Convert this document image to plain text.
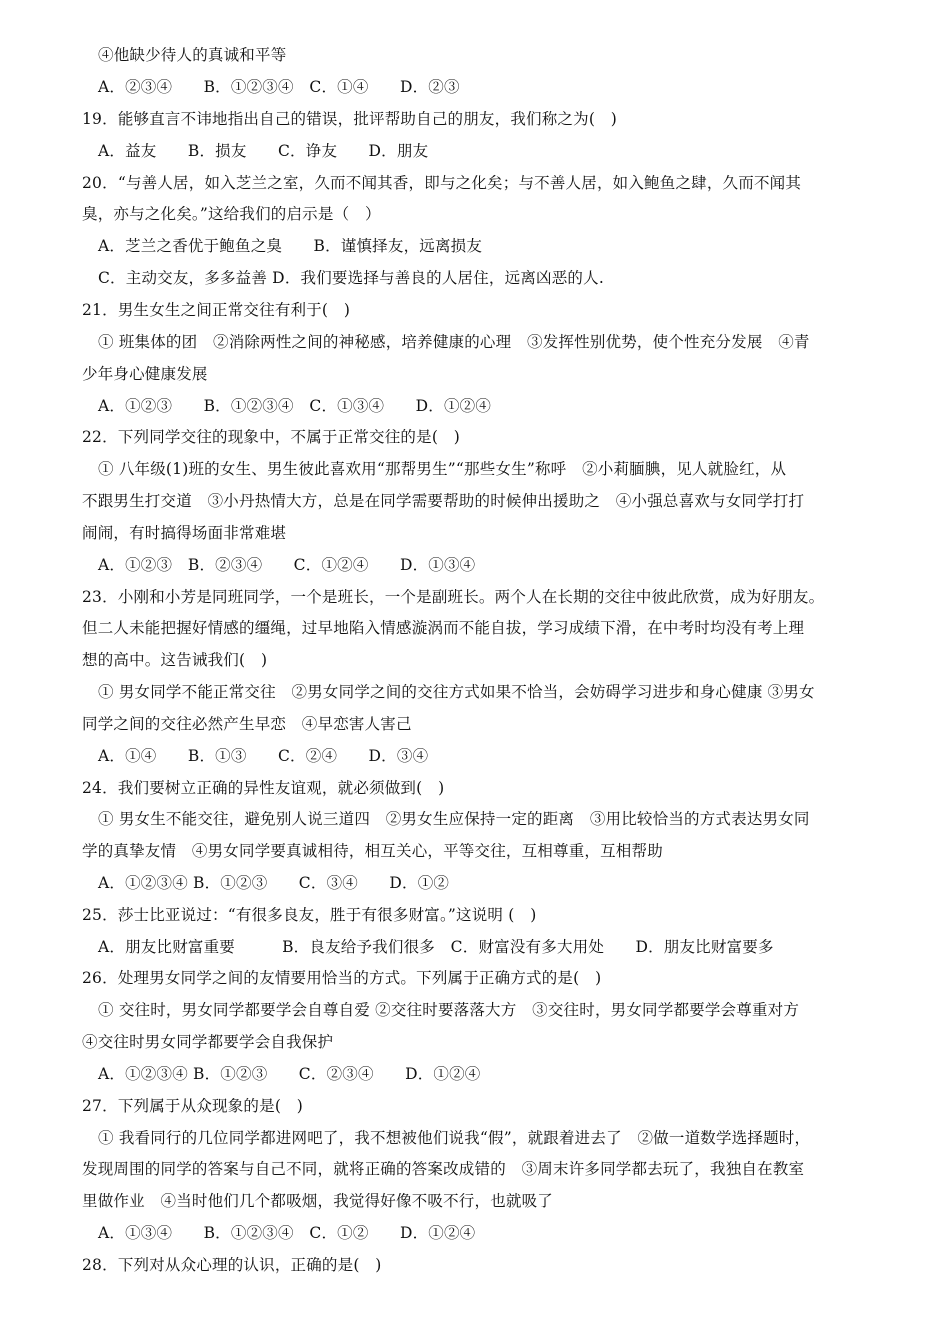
④他缺少待人的真诚和平等
A．②③④　　B．①②③④　C．①④　　D．②③
19．能够直言不讳地指出自己的错误，批评帮助自己的朋友，我们称之为(　)
A．益友　　B．损友　　C．诤友　　D．朋友
20．“与善人居，如入芝兰之室，久而不闻其香，即与之化矣；与不善人居，如入鲍鱼之肆，久而不闻其
臭，亦与之化矣。”这给我们的启示是（　）
A．芝兰之香优于鲍鱼之臭　　B．谨慎择友，远离损友
C．主动交友，多多益善 D．我们要选择与善良的人居住，远离凶恶的人.
21．男生女生之间正常交往有利于(　)
① 班集体的团　②消除两性之间的神秘感，培养健康的心理　③发挥性别优势，使个性充分发展　④青
少年身心健康发展
A．①②③　　B．①②③④　C．①③④　　D．①②④
22．下列同学交往的现象中，不属于正常交往的是(　)
① 八年级(1)班的女生、男生彼此喜欢用“那帮男生”“那些女生”称呼　②小莉腼腆，见人就脸红，从
不跟男生打交道　③小丹热情大方，总是在同学需要帮助的时候伸出援助之　④小强总喜欢与女同学打打
闹闹，有时搞得场面非常难堪
A．①②③　B．②③④　　C．①②④　　D．①③④
23．小刚和小芳是同班同学，一个是班长，一个是副班长。两个人在长期的交往中彼此欣赏，成为好朋友。
但二人未能把握好情感的缰绳，过早地陷入情感漩涡而不能自拔，学习成绩下滑，在中考时均没有考上理
想的高中。这告诫我们(　)
① 男女同学不能正常交往　②男女同学之间的交往方式如果不恰当，会妨碍学习进步和身心健康 ③男女
同学之间的交往必然产生早恋　④早恋害人害己
A．①④　　B．①③　　C．②④　　D．③④
24．我们要树立正确的异性友谊观，就必须做到(　)
① 男女生不能交往，避免别人说三道四　②男女生应保持一定的距离　③用比较恰当的方式表达男女同
学的真挚友情　④男女同学要真诚相待，相互关心，平等交往，互相尊重，互相帮助
A．①②③④ B．①②③　　C．③④　　D．①②
25．莎士比亚说过：“有很多良友，胜于有很多财富。”这说明 (　)
A．朋友比财富重要　　　B．良友给予我们很多　C．财富没有多大用处　　D．朋友比财富要多
26．处理男女同学之间的友情要用恰当的方式。下列属于正确方式的是(　)
① 交往时，男女同学都要学会自尊自爱 ②交往时要落落大方　③交往时，男女同学都要学会尊重对方
④交往时男女同学都要学会自我保护
A．①②③④ B．①②③　　C．②③④　　D．①②④
27．下列属于从众现象的是(　)
① 我看同行的几位同学都进网吧了，我不想被他们说我“假”，就跟着进去了　②做一道数学选择题时，
发现周围的同学的答案与自己不同，就将正确的答案改成错的　③周末许多同学都去玩了，我独自在教室
里做作业　④当时他们几个都吸烟，我觉得好像不吸不行，也就吸了
A．①③④　　B．①②③④　C．①②　　D．①②④
28．下列对从众心理的认识，正确的是(　)
